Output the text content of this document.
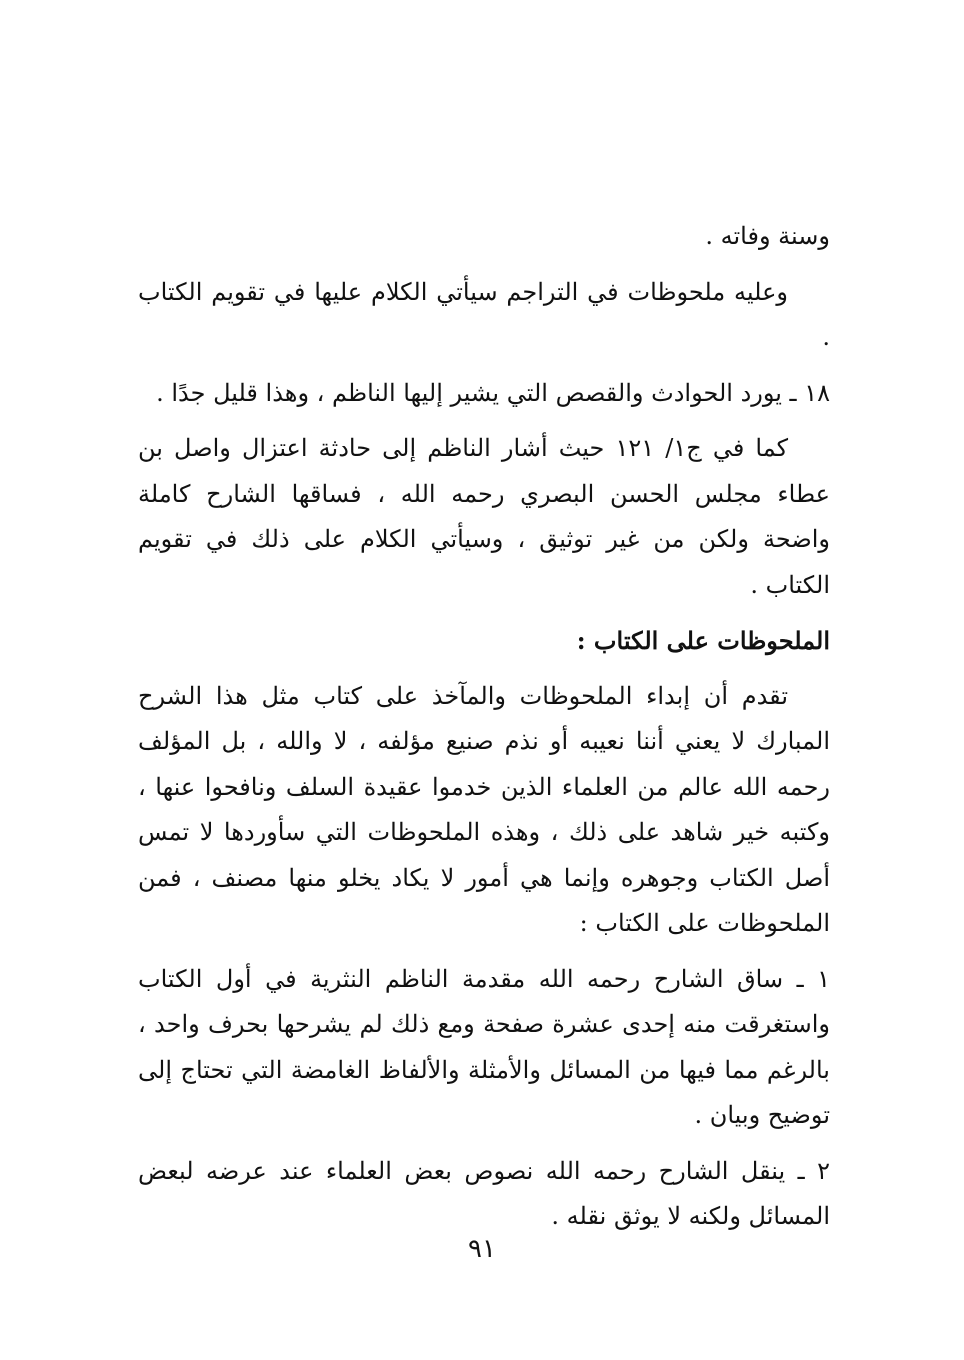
وسنة وفاته .

وعليه ملحوظات في التراجم سيأتي الكلام عليها في تقويم الكتاب .

١٨ ـ يورد الحوادث والقصص التي يشير إليها الناظم ، وهذا قليل جدًا .

كما في ج١/ ١٢١ حيث أشار الناظم إلى حادثة اعتزال واصل بن عطاء مجلس الحسن البصري رحمه الله ، فساقها الشارح كاملة واضحة ولكن من غير توثيق ، وسيأتي الكلام على ذلك في تقويم الكتاب .

الملحوظات على الكتاب :

تقدم أن إبداء الملحوظات والمآخذ على كتاب مثل هذا الشرح المبارك لا يعني أننا نعيبه أو نذم صنيع مؤلفه ، لا والله ، بل المؤلف رحمه الله عالم من العلماء الذين خدموا عقيدة السلف ونافحوا عنها ، وكتبه خير شاهد على ذلك ، وهذه الملحوظات التي سأوردها لا تمس أصل الكتاب وجوهره وإنما هي أمور لا يكاد يخلو منها مصنف ، فمن الملحوظات على الكتاب :

١ ـ ساق الشارح رحمه الله مقدمة الناظم النثرية في أول الكتاب واستغرقت منه إحدى عشرة صفحة ومع ذلك لم يشرحها بحرف واحد ، بالرغم مما فيها من المسائل والأمثلة والألفاظ الغامضة التي تحتاج إلى توضيح وبيان .

٢ ـ ينقل الشارح رحمه الله نصوص بعض العلماء عند عرضه لبعض المسائل ولكنه لا يوثق نقله .

٩١
